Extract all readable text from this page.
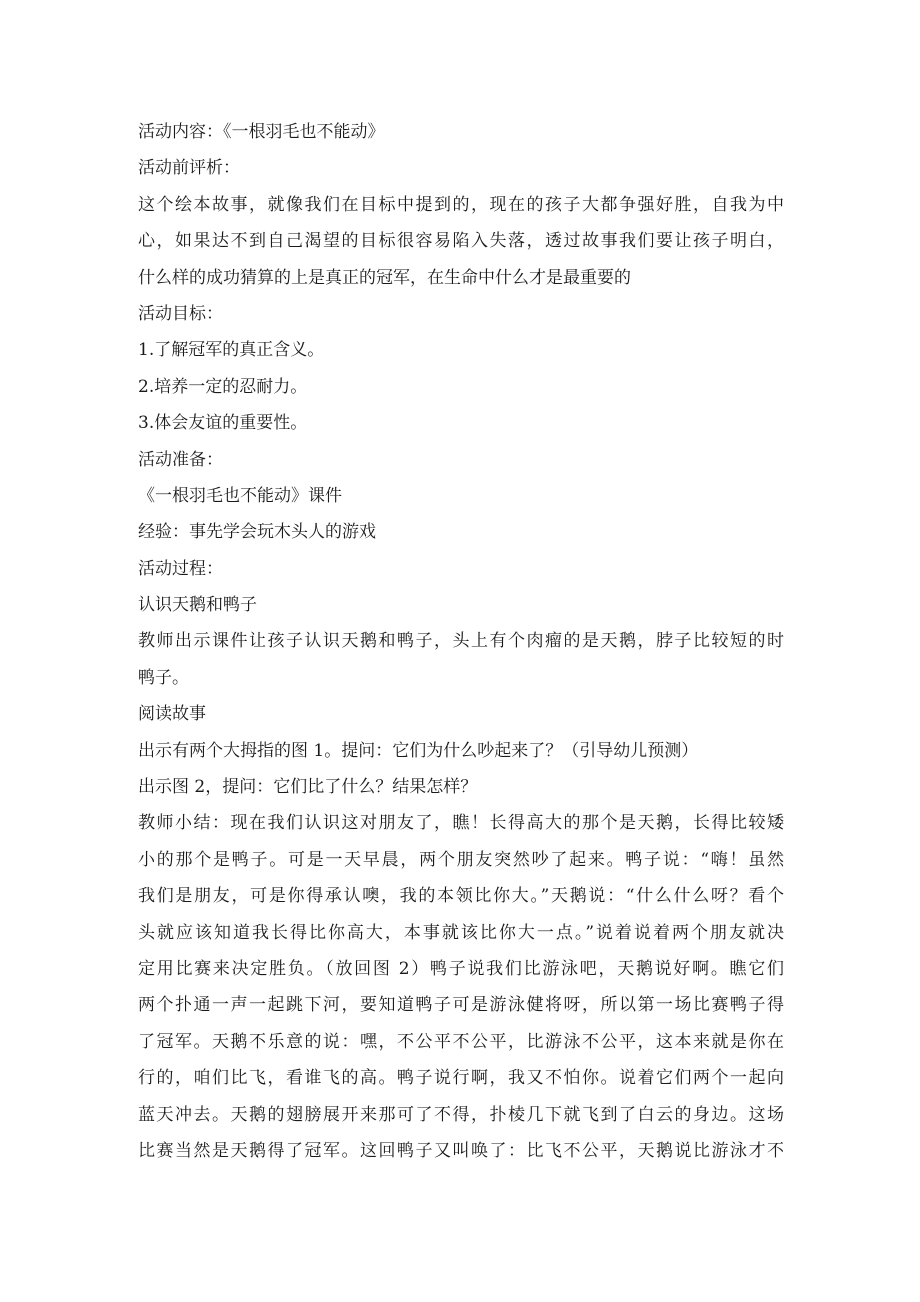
活动内容：《一根羽毛也不能动》
活动前评析：
这个绘本故事，就像我们在目标中提到的，现在的孩子大都争强好胜，自我为中
心，如果达不到自己渴望的目标很容易陷入失落，透过故事我们要让孩子明白，
什么样的成功猜算的上是真正的冠军，在生命中什么才是最重要的
活动目标：
1.了解冠军的真正含义。
2.培养一定的忍耐力。
3.体会友谊的重要性。
活动准备：
《一根羽毛也不能动》课件
经验：事先学会玩木头人的游戏
活动过程：
认识天鹅和鸭子
教师出示课件让孩子认识天鹅和鸭子，头上有个肉瘤的是天鹅，脖子比较短的时
鸭子。
阅读故事
出示有两个大拇指的图 1。提问：它们为什么吵起来了？（引导幼儿预测）
出示图 2，提问：它们比了什么？结果怎样？
教师小结：现在我们认识这对朋友了，瞧！长得高大的那个是天鹅，长得比较矮
小的那个是鸭子。可是一天早晨，两个朋友突然吵了起来。鸭子说：“嗨！虽然
我们是朋友，可是你得承认噢，我的本领比你大。”天鹅说：“什么什么呀？看个
头就应该知道我长得比你高大，本事就该比你大一点。”说着说着两个朋友就决
定用比赛来决定胜负。（放回图 2）鸭子说我们比游泳吧，天鹅说好啊。瞧它们
两个扑通一声一起跳下河，要知道鸭子可是游泳健将呀，所以第一场比赛鸭子得
了冠军。天鹅不乐意的说：嘿，不公平不公平，比游泳不公平，这本来就是你在
行的，咱们比飞，看谁飞的高。鸭子说行啊，我又不怕你。说着它们两个一起向
蓝天冲去。天鹅的翅膀展开来那可了不得，扑棱几下就飞到了白云的身边。这场
比赛当然是天鹅得了冠军。这回鸭子又叫唤了：比飞不公平，天鹅说比游泳才不
